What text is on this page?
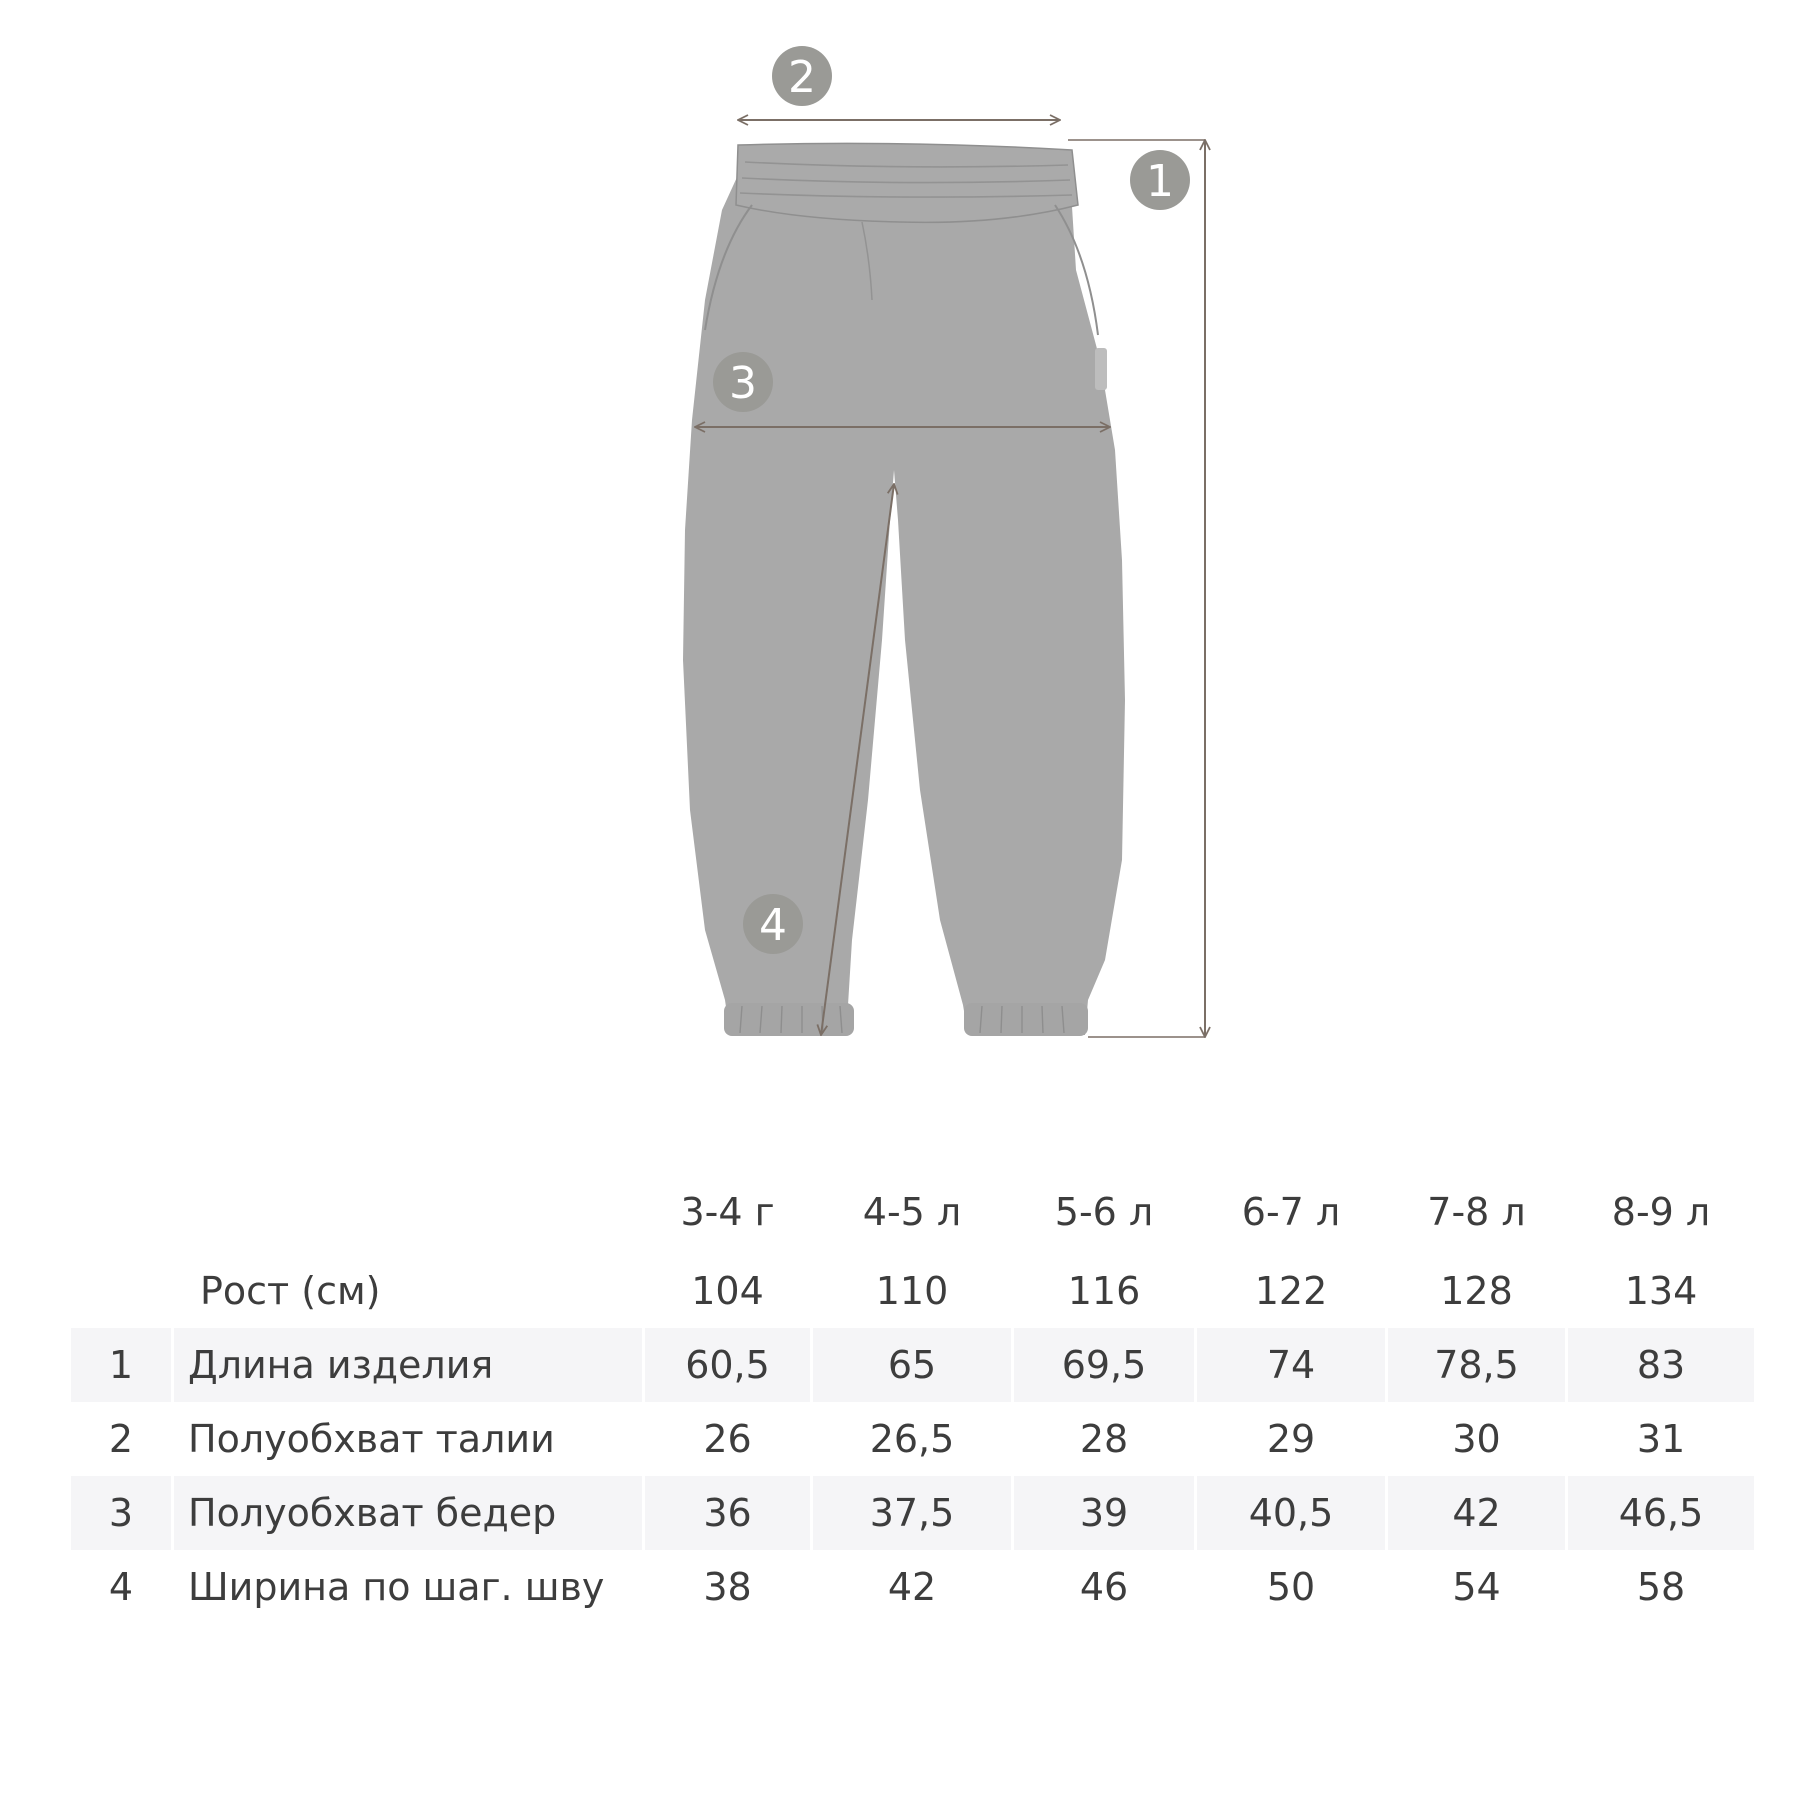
2
1
3
4
		3-4 г	4-5 л	5-6 л	6-7 л	7-8 л	8-9 л
	Рост (см)	104	110	116	122	128	134
1	Длина изделия	60,5	65	69,5	74	78,5	83
2	Полуобхват талии	26	26,5	28	29	30	31
3	Полуобхват бедер	36	37,5	39	40,5	42	46,5
4	Ширина по шаг. шву	38	42	46	50	54	58
